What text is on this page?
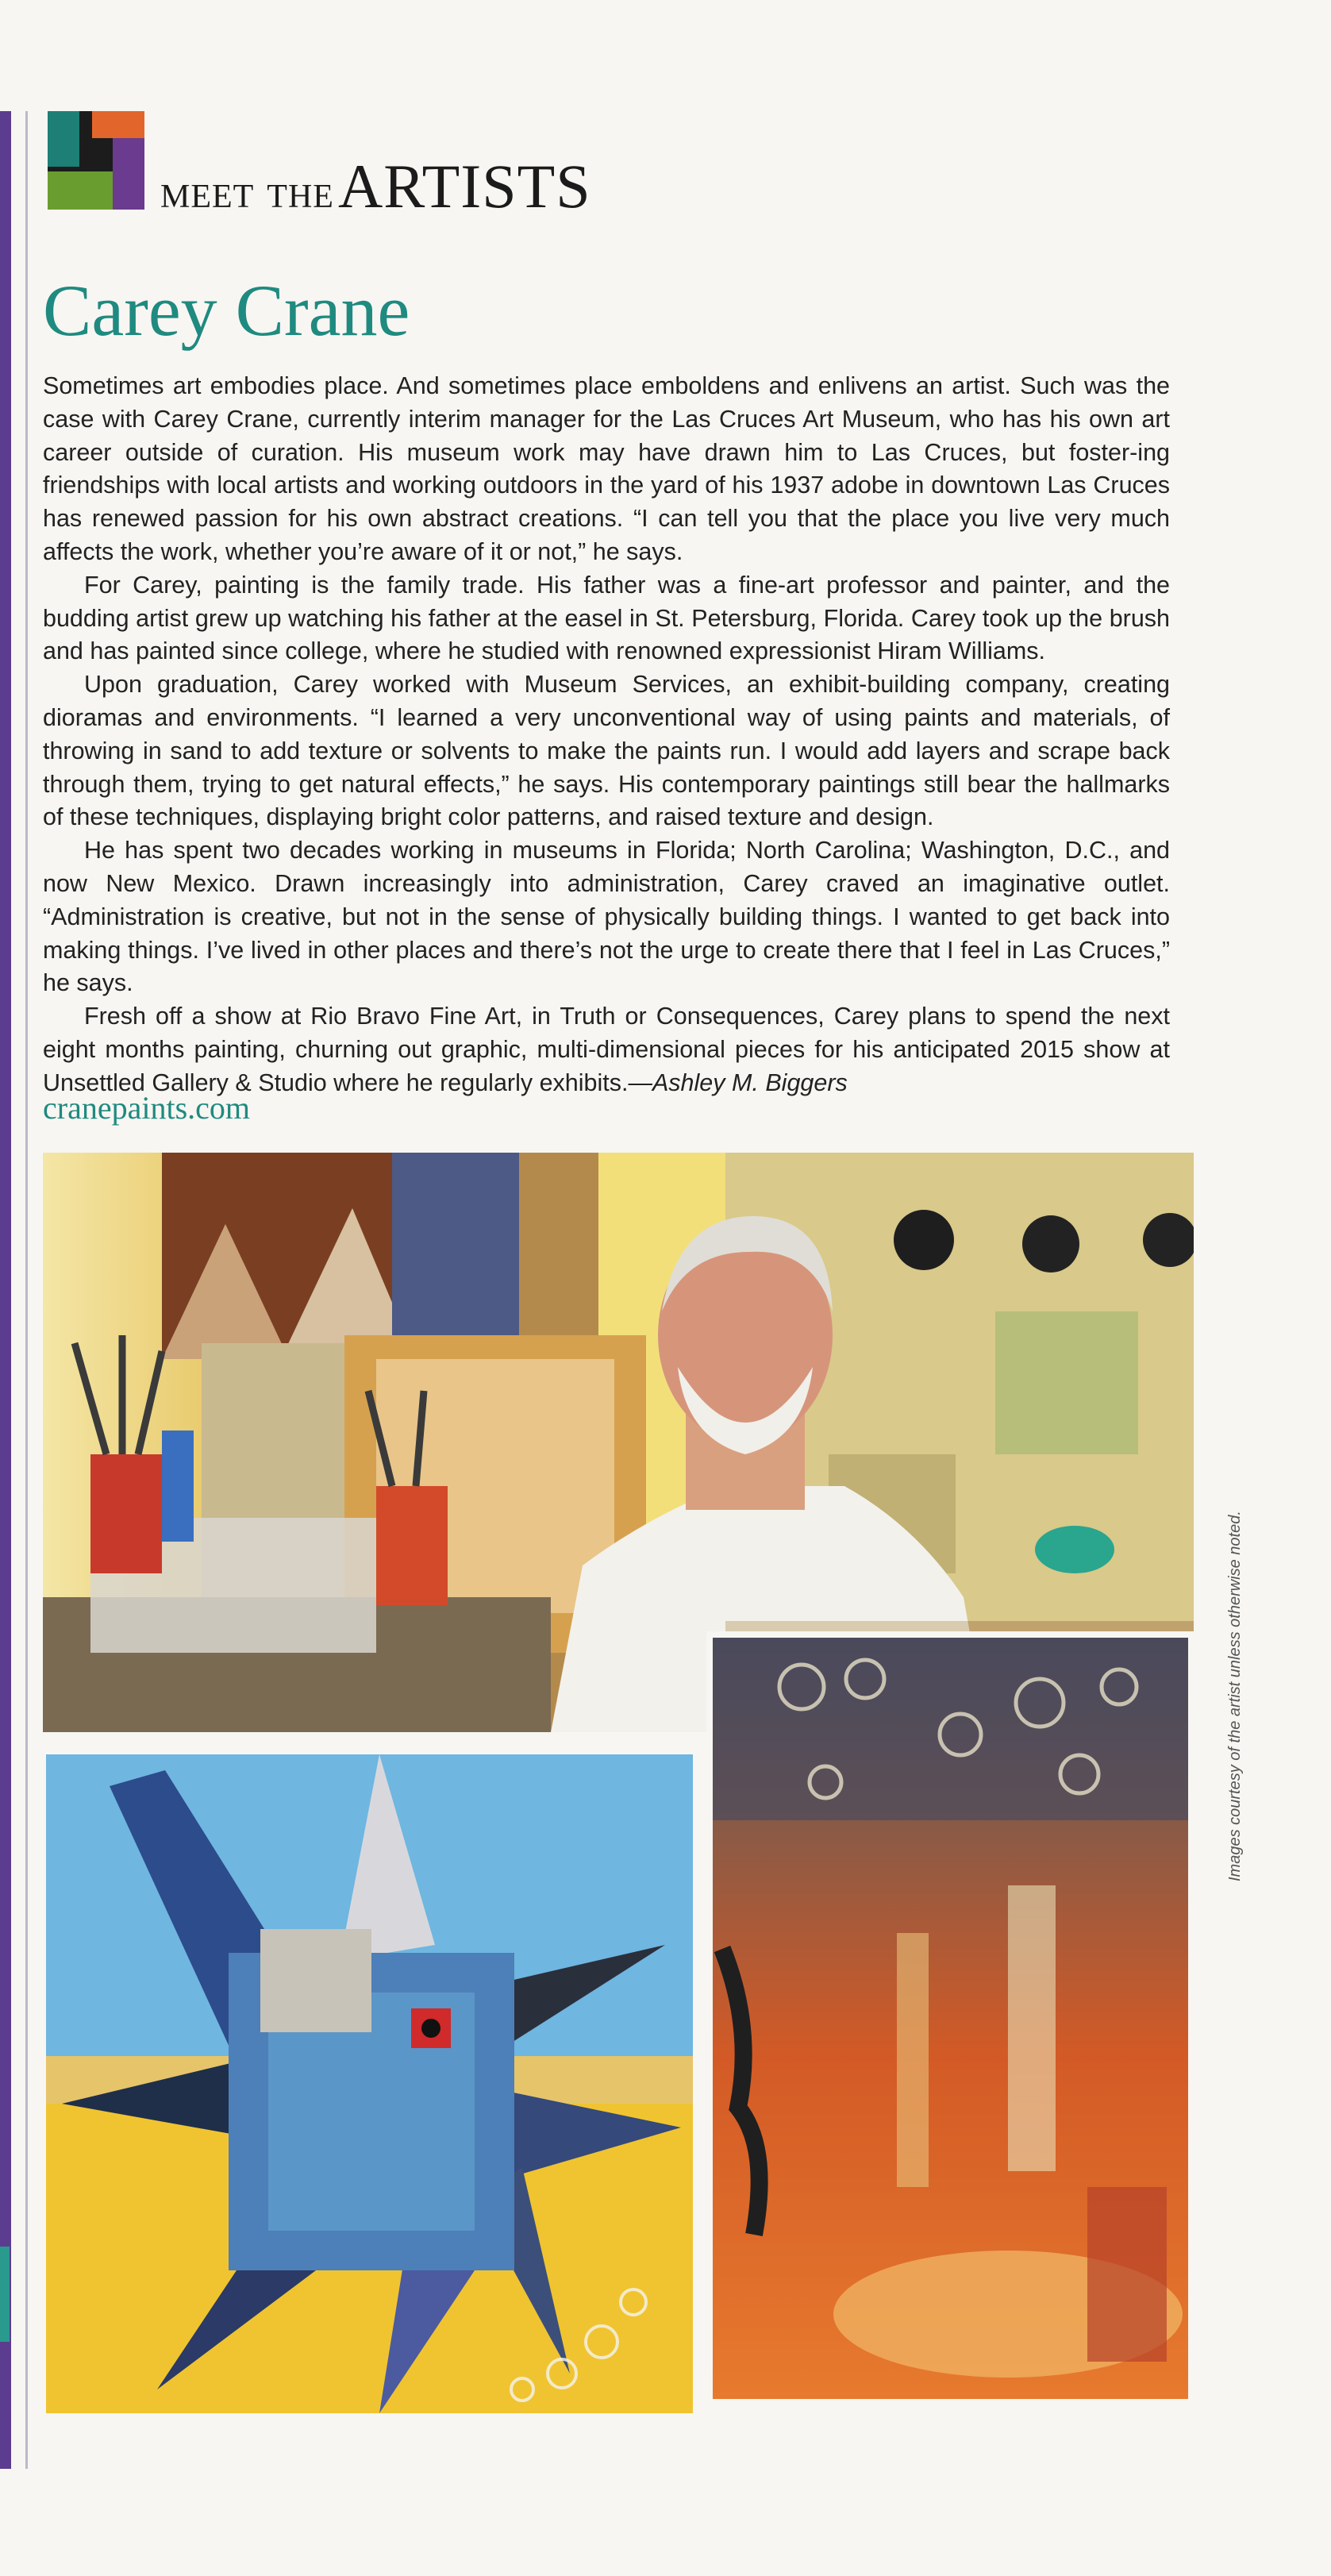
meet the ARTISTS
Carey Crane

Sometimes art embodies place. And sometimes place emboldens and enlivens an artist. Such was the case with Carey Crane, currently interim manager for the Las Cruces Art Museum, who has his own art career outside of curation. His museum work may have drawn him to Las Cruces, but foster-ing friendships with local artists and working outdoors in the yard of his 1937 adobe in downtown Las Cruces has renewed passion for his own abstract creations. “I can tell you that the place you live very much affects the work, whether you’re aware of it or not,” he says.

For Carey, painting is the family trade. His father was a fine-art professor and painter, and the budding artist grew up watching his father at the easel in St. Petersburg, Florida. Carey took up the brush and has painted since college, where he studied with renowned expressionist Hiram Williams.

Upon graduation, Carey worked with Museum Services, an exhibit-building company, creating dioramas and environments. “I learned a very unconventional way of using paints and materials, of throwing in sand to add texture or solvents to make the paints run. I would add layers and scrape back through them, trying to get natural effects,” he says. His contemporary paintings still bear the hallmarks of these techniques, displaying bright color patterns, and raised texture and design.

He has spent two decades working in museums in Florida; North Carolina; Washington, D.C., and now New Mexico. Drawn increasingly into administration, Carey craved an imaginative outlet. “Administration is creative, but not in the sense of physically building things. I wanted to get back into making things. I’ve lived in other places and there’s not the urge to create there that I feel in Las Cruces,” he says.

Fresh off a show at Rio Bravo Fine Art, in Truth or Consequences, Carey plans to spend the next eight months painting, churning out graphic, multi-dimensional pieces for his anticipated 2015 show at Unsettled Gallery & Studio where he regularly exhibits.—Ashley M. Biggers

cranepaints.com
Images courtesy of the artist unless otherwise noted.
